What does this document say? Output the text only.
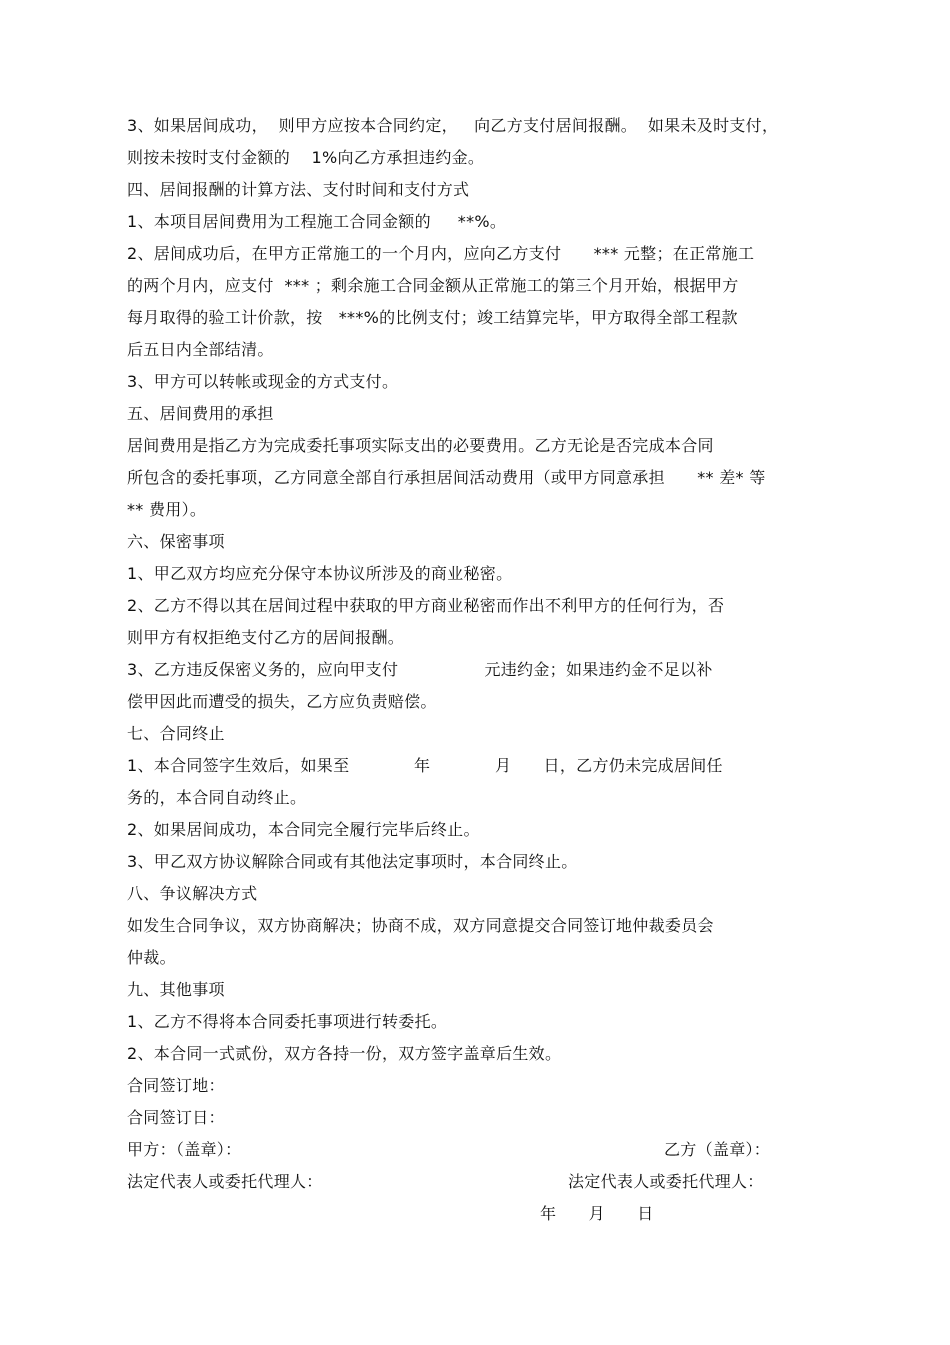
3、如果居间成功，  则甲方应按本合同约定，   向乙方支付居间报酬。  如果未及时支付，
则按未按时支付金额的    1%向乙方承担违约金。
四、居间报酬的计算方法、支付时间和支付方式
1、本项目居间费用为工程施工合同金额的     **%。
2、居间成功后，在甲方正常施工的一个月内，应向乙方支付      *** 元整；在正常施工
的两个月内，应支付  *** ；剩余施工合同金额从正常施工的第三个月开始，根据甲方
每月取得的验工计价款，按   ***%的比例支付；竣工结算完毕，甲方取得全部工程款
后五日内全部结清。
3、甲方可以转帐或现金的方式支付。
五、居间费用的承担
居间费用是指乙方为完成委托事项实际支出的必要费用。乙方无论是否完成本合同
所包含的委托事项，乙方同意全部自行承担居间活动费用（或甲方同意承担      ** 差* 等
** 费用）。
六、保密事项
1、甲乙双方均应充分保守本协议所涉及的商业秘密。
2、乙方不得以其在居间过程中获取的甲方商业秘密而作出不利甲方的任何行为，否
则甲方有权拒绝支付乙方的居间报酬。
3、乙方违反保密义务的，应向甲支付                元违约金；如果违约金不足以补
偿甲因此而遭受的损失，乙方应负责赔偿。
七、合同终止
1、本合同签字生效后，如果至            年            月      日，乙方仍未完成居间任
务的，本合同自动终止。
2、如果居间成功，本合同完全履行完毕后终止。
3、甲乙双方协议解除合同或有其他法定事项时，本合同终止。
八、争议解决方式
如发生合同争议，双方协商解决；协商不成，双方同意提交合同签订地仲裁委员会
仲裁。
九、其他事项
1、乙方不得将本合同委托事项进行转委托。
2、本合同一式贰份，双方各持一份，双方签字盖章后生效。
合同签订地：
合同签订日：
甲方：（盖章）：	乙方（盖章）：
法定代表人或委托代理人：	法定代表人或委托代理人：
年      月      日
